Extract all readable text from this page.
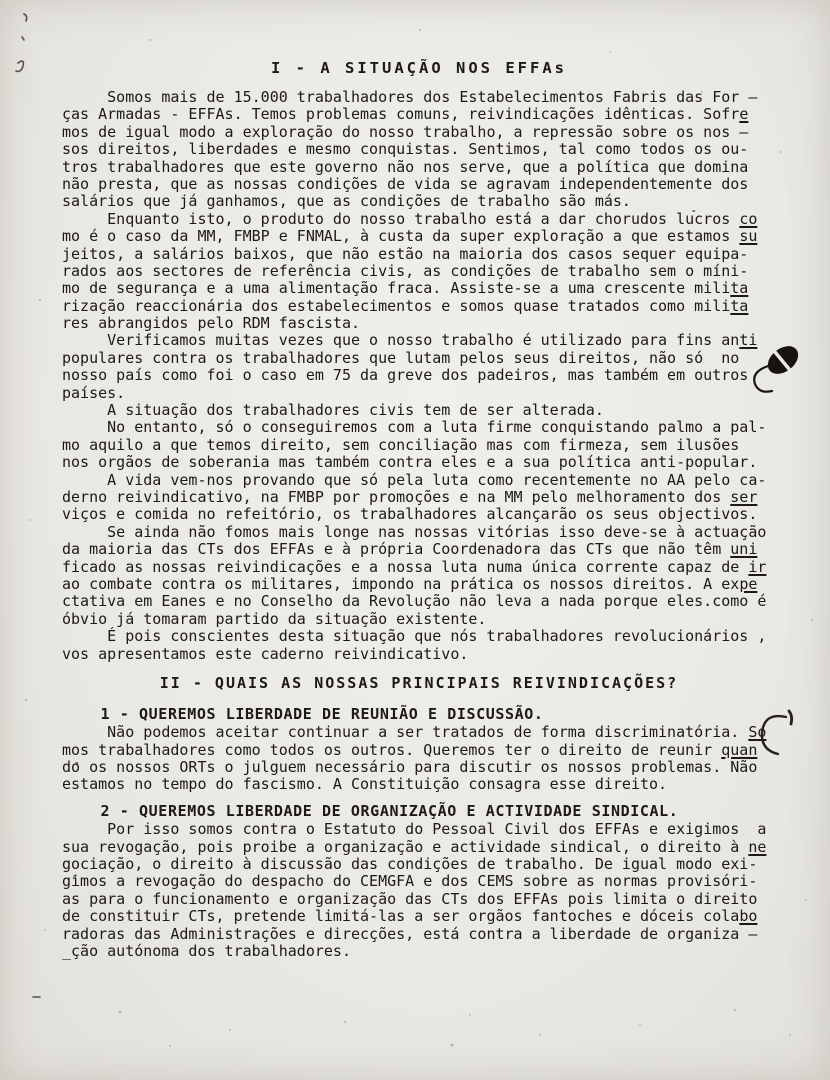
I - A SITUAÇÃO NOS EFFAs
Somos mais de 15.000 trabalhadores dos Estabelecimentos Fabris das For —
ças Armadas - EFFAs. Temos problemas comuns, reivindicações idênticas. Sofre
mos de igual modo a exploração do nosso trabalho, a repressão sobre os nos —
sos direitos, liberdades e mesmo conquistas. Sentimos, tal como todos os ou-
tros trabalhadores que este governo não nos serve, que a política que domina
não presta, que as nossas condições de vida se agravam independentemente dos
salários que já ganhamos, que as condições de trabalho são más.
Enquanto isto, o produto do nosso trabalho está a dar chorudos lucros co
mo é o caso da MM, FMBP e FNMAL, à custa da super exploração a que estamos su
jeitos, a salários baixos, que não estão na maioria dos casos sequer equipa-
rados aos sectores de referência civis, as condições de trabalho sem o míni-
mo de segurança e a uma alimentação fraca. Assiste-se a uma crescente milita
rização reaccionária dos estabelecimentos e somos quase tratados como milita
res abrangidos pelo RDM fascista.
Verificamos muitas vezes que o nosso trabalho é utilizado para fins anti
populares contra os trabalhadores que lutam pelos seus direitos, não só  no
nosso país como foi o caso em 75 da greve dos padeiros, mas também em outros
países.
A situação dos trabalhadores civis tem de ser alterada.
No entanto, só o conseguiremos com a luta firme conquistando palmo a pal-
mo aquilo a que temos direito, sem conciliação mas com firmeza, sem ilusões
nos orgãos de soberania mas também contra eles e a sua política anti-popular.
A vida vem-nos provando que só pela luta como recentemente no AA pelo ca-
derno reivindicativo, na FMBP por promoções e na MM pelo melhoramento dos ser
viços e comida no refeitório, os trabalhadores alcançarão os seus objectivos.
Se ainda não fomos mais longe nas nossas vitórias isso deve-se à actuação
da maioria das CTs dos EFFAs e à própria Coordenadora das CTs que não têm uni
ficado as nossas reivindicações e a nossa luta numa única corrente capaz de ir
ao combate contra os militares, impondo na prática os nossos direitos. A expe
ctativa em Eanes e no Conselho da Revolução não leva a nada porque eles.como é
óbvio já tomaram partido da situação existente.
É pois conscientes desta situação que nós trabalhadores revolucionários ,
vos apresentamos este caderno reivindicativo.
II - QUAIS AS NOSSAS PRINCIPAIS REIVINDICAÇÕES?
1 - QUEREMOS LIBERDADE DE REUNIÃO E DISCUSSÃO.
Não podemos aceitar continuar a ser tratados de forma discriminatória. So
mos trabalhadores como todos os outros. Queremos ter o direito de reunir quan
do os nossos ORTs o julguem necessário para discutir os nossos problemas. Não
estamos no tempo do fascismo. A Constituição consagra esse direito.
2 - QUEREMOS LIBERDADE DE ORGANIZAÇÃO E ACTIVIDADE SINDICAL.
Por isso somos contra o Estatuto do Pessoal Civil dos EFFAs e exigimos  a
sua revogação, pois proibe a organização e actividade sindical, o direito à ne
gociação, o direito à discussão das condições de trabalho. De igual modo exi-
gimos a revogação do despacho do CEMGFA e dos CEMS sobre as normas provisóri-
as para o funcionamento e organização das CTs dos EFFAs pois limita o direito
de constituir CTs, pretende limitá-las a ser orgãos fantoches e dóceis colabo
radoras das Administrações e direcções, está contra a liberdade de organiza —
_ção autónoma dos trabalhadores.
